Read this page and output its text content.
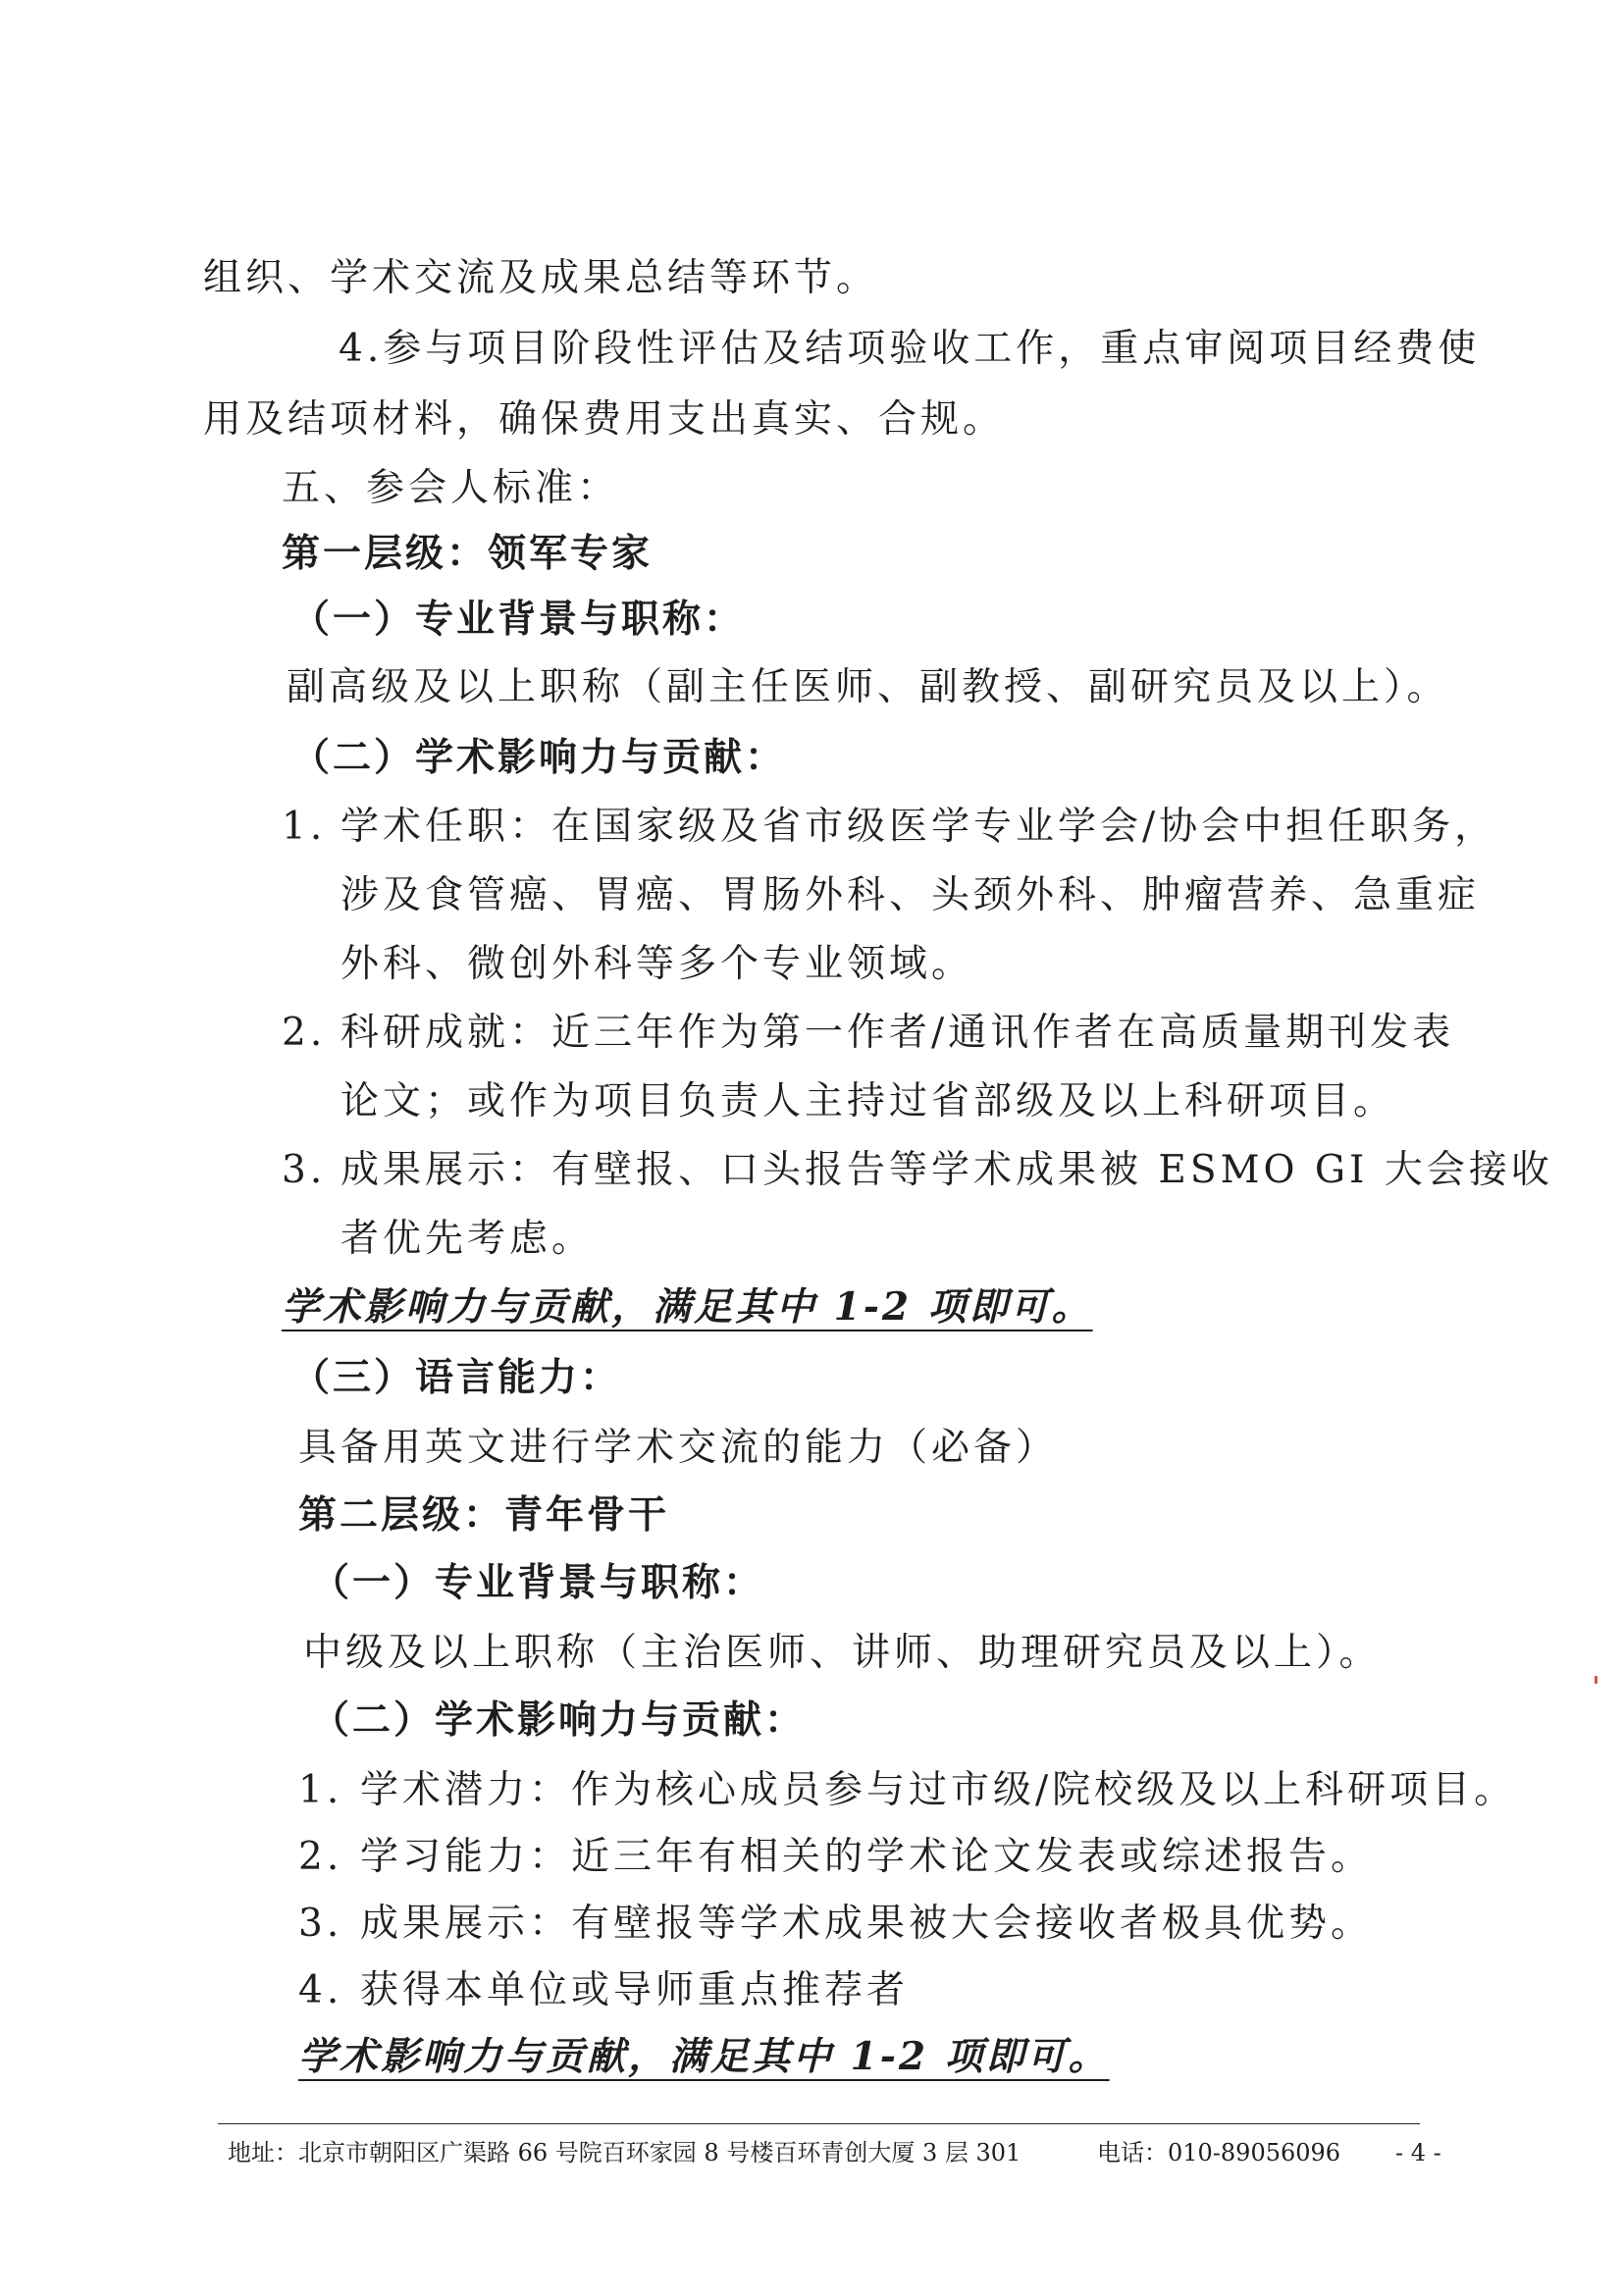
组织、学术交流及成果总结等环节。
4.参与项目阶段性评估及结项验收工作，重点审阅项目经费使
用及结项材料，确保费用支出真实、合规。
五、参会人标准：
第一层级：领军专家
（一）专业背景与职称：
副高级及以上职称（副主任医师、副教授、副研究员及以上）。
（二）学术影响力与贡献：
1. 学术任职：在国家级及省市级医学专业学会/协会中担任职务，
涉及食管癌、胃癌、胃肠外科、头颈外科、肿瘤营养、急重症
外科、微创外科等多个专业领域。
2. 科研成就：近三年作为第一作者/通讯作者在高质量期刊发表
论文；或作为项目负责人主持过省部级及以上科研项目。
3. 成果展示：有壁报、口头报告等学术成果被 ESMO GI 大会接收
者优先考虑。
学术影响力与贡献，满足其中 1-2 项即可。
（三）语言能力：
具备用英文进行学术交流的能力（必备）
第二层级：青年骨干
（一）专业背景与职称：
中级及以上职称（主治医师、讲师、助理研究员及以上）。
（二）学术影响力与贡献：
1. 学术潜力：作为核心成员参与过市级/院校级及以上科研项目。
2. 学习能力：近三年有相关的学术论文发表或综述报告。
3. 成果展示：有壁报等学术成果被大会接收者极具优势。
4. 获得本单位或导师重点推荐者
学术影响力与贡献，满足其中 1-2 项即可。
地址：北京市朝阳区广渠路 66 号院百环家园 8 号楼百环青创大厦 3 层 301	电话：010-89056096 - 4 -
